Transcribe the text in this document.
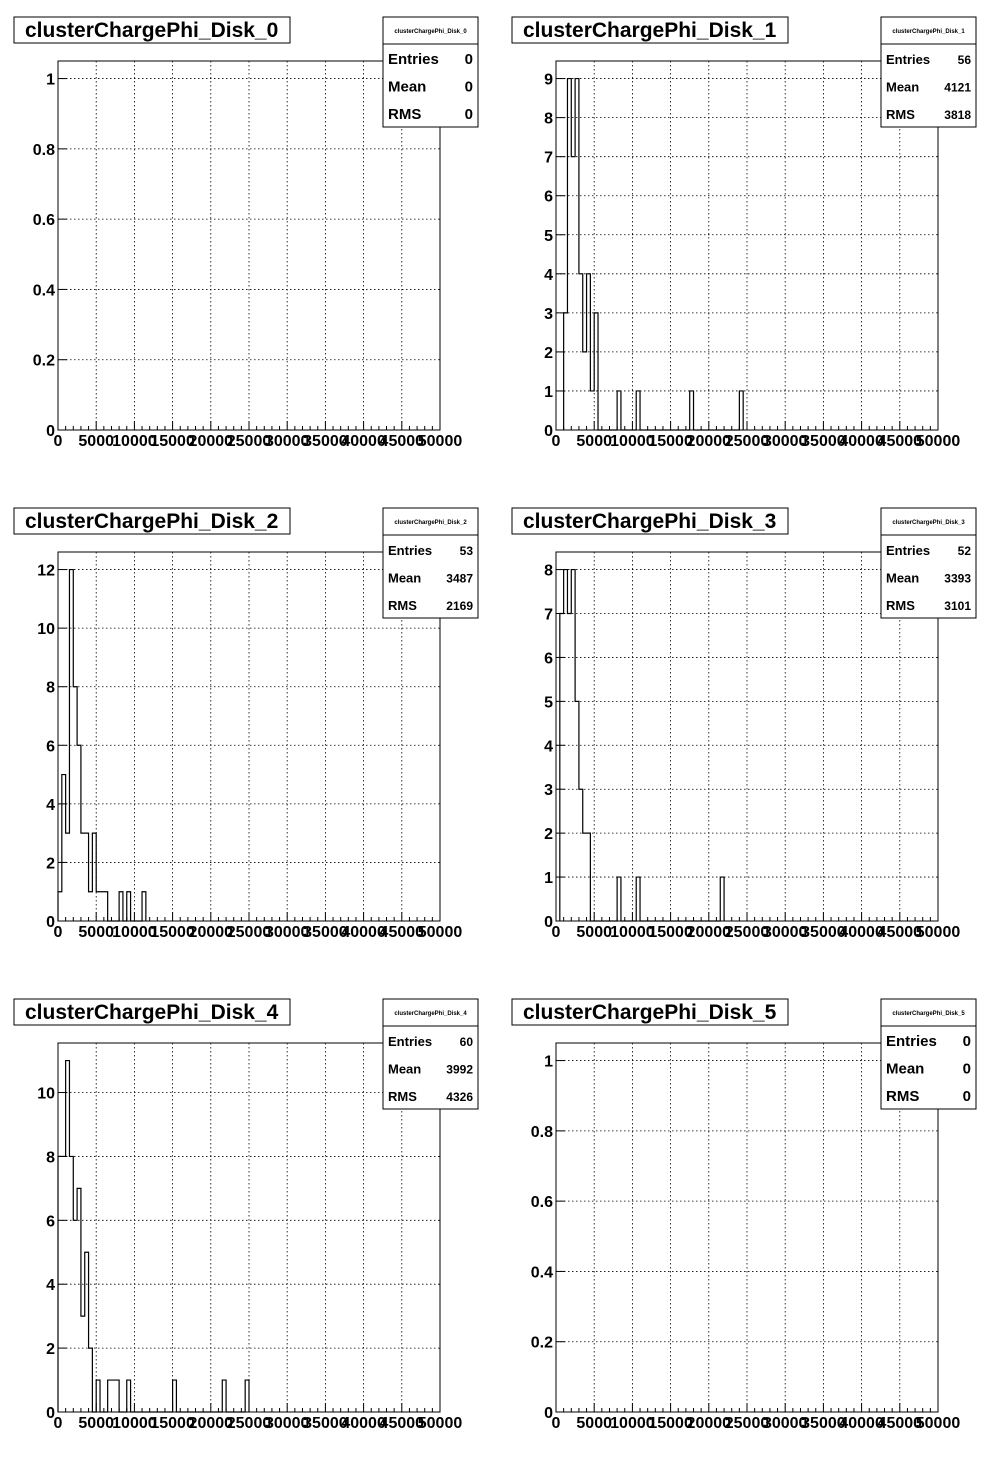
0 5000
10000
15000
20000
25000
30000
35000
40000
45000
50000
0
0.2
0.4
0.6
0.8
1
clusterChargePhi_Disk_0	clusterChargePhi_Disk_0
Entries 0
Mean	0
RMS	0
0 5000
10000
15000
20000
25000
30000
35000
40000
45000
50000
0
1
2
3
4
5
6
7
8
9
clusterChargePhi_Disk_1	clusterChargePhi_Disk_1
Entries 56
Mean 4121
RMS 3818
0 5000
10000
15000
20000
25000
30000
35000
40000
45000
50000
0
2
4
6
8
10
12
clusterChargePhi_Disk_2	clusterChargePhi_Disk_2
Entries 53
Mean 3487
RMS 2169
0 5000
10000
15000
20000
25000
30000
35000
40000
45000
50000
0
1
2
3
4
5
6
7
8
clusterChargePhi_Disk_3	clusterChargePhi_Disk_3
Entries 52
Mean 3393
RMS 3101
0 5000
10000
15000
20000
25000
30000
35000
40000
45000
50000
0
2
4
6
8
10
clusterChargePhi_Disk_4	clusterChargePhi_Disk_4
Entries 60
Mean 3992
RMS 4326
0 5000
10000
15000
20000
25000
30000
35000
40000
45000
50000
0
0.2
0.4
0.6
0.8
1
clusterChargePhi_Disk_5	clusterChargePhi_Disk_5
Entries 0
Mean	0
RMS	0
